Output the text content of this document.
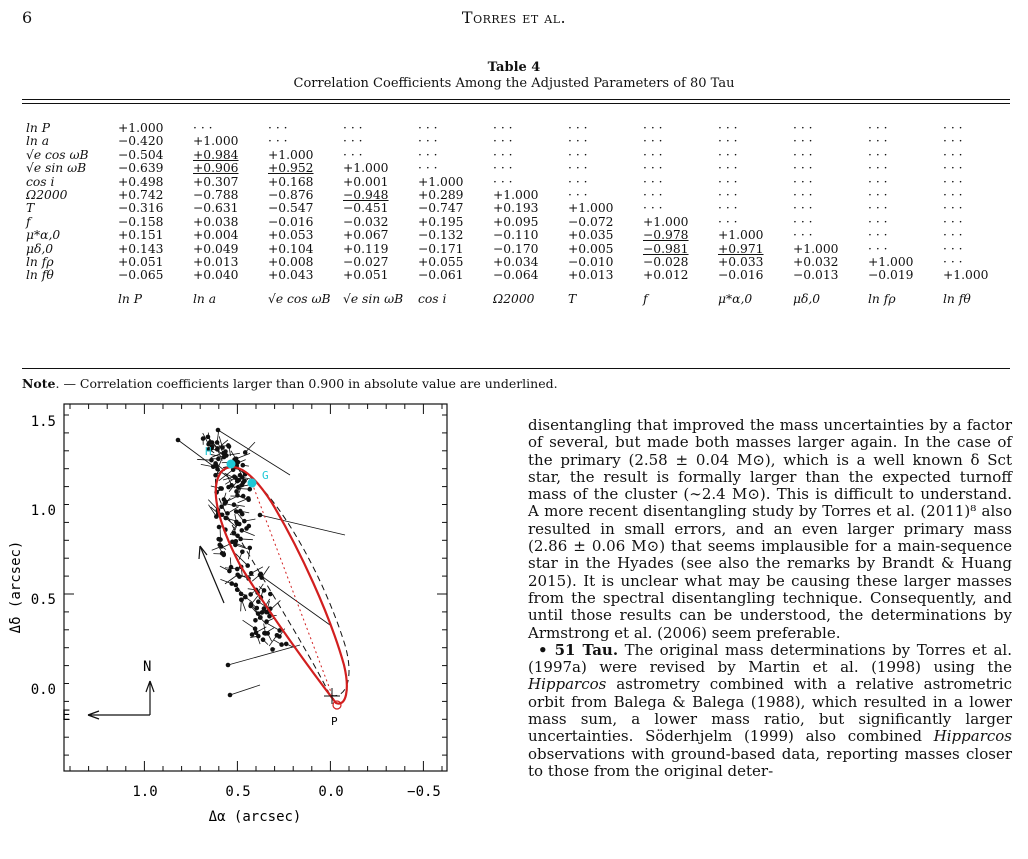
6	Torres et al.
Table 4
Correlation Coefficients Among the Adjusted Parameters of 80 Tau
ln P	+1.000	· · ·	· · ·	· · ·	· · ·	· · ·	· · ·	· · ·	· · ·	· · ·	· · ·	· · ·
ln a	−0.420	+1.000	· · ·	· · ·	· · ·	· · ·	· · ·	· · ·	· · ·	· · ·	· · ·	· · ·
√e cos ωB	−0.504	+0.984	+1.000	· · ·	· · ·	· · ·	· · ·	· · ·	· · ·	· · ·	· · ·	· · ·
√e sin ωB	−0.639	+0.906	+0.952	+1.000	· · ·	· · ·	· · ·	· · ·	· · ·	· · ·	· · ·	· · ·
cos i	+0.498	+0.307	+0.168	+0.001	+1.000	· · ·	· · ·	· · ·	· · ·	· · ·	· · ·	· · ·
Ω2000	+0.742	−0.788	−0.876	−0.948	+0.289	+1.000	· · ·	· · ·	· · ·	· · ·	· · ·	· · ·
T	−0.316	−0.631	−0.547	−0.451	−0.747	+0.193	+1.000	· · ·	· · ·	· · ·	· · ·	· · ·
f	−0.158	+0.038	−0.016	−0.032	+0.195	+0.095	−0.072	+1.000	· · ·	· · ·	· · ·	· · ·
μ*α,0	+0.151	+0.004	+0.053	+0.067	−0.132	−0.110	+0.035	−0.978	+1.000	· · ·	· · ·	· · ·
μδ,0	+0.143	+0.049	+0.104	+0.119	−0.171	−0.170	+0.005	−0.981	+0.971	+1.000	· · ·	· · ·
ln fρ	+0.051	+0.013	+0.008	−0.027	+0.055	+0.034	−0.010	−0.028	+0.033	+0.032	+1.000	· · ·
ln fθ	−0.065	+0.040	+0.043	+0.051	−0.061	−0.064	+0.013	+0.012	−0.016	−0.013	−0.019	+1.000
	ln P	ln a	√e cos ωB	√e sin ωB	cos i	Ω2000	T	f	μ*α,0	μδ,0	ln fρ	ln fθ
Note. — Correlation coefficients larger than 0.900 in absolute value are underlined.
1.0	0.5	0.0	−0.5
0.0
0.5
1.0
1.5
Δα (arcsec)
Δδ (arcsec)
H
G
P
N
E

disentangling that improved the mass uncertainties by a factor of several, but made both masses larger again. In the case of the primary (2.58 ± 0.04 M⊙), which is a well known δ Sct star, the result is formally larger than the expected turnoff mass of the cluster (∼2.4 M⊙). This is difficult to understand. A more recent disentangling study by Torres et al. (2011)⁸ also resulted in small errors, and an even larger primary mass (2.86 ± 0.06 M⊙) that seems implausible for a main-sequence star in the Hyades (see also the remarks by Brandt & Huang 2015). It is unclear what may be causing these larger masses from the spectral disentangling technique. Consequently, and until those results can be understood, the determinations by Armstrong et al. (2006) seem preferable.

• 51 Tau. The original mass determinations by Torres et al. (1997a) were revised by Martin et al. (1998) using the Hipparcos astrometry combined with a relative astrometric orbit from Balega & Balega (1988), which resulted in a lower mass sum, a lower mass ratio, but significantly larger uncertainties. Söderhjelm (1999) also combined Hipparcos observations with ground-based data, reporting masses closer to those from the original deter-
